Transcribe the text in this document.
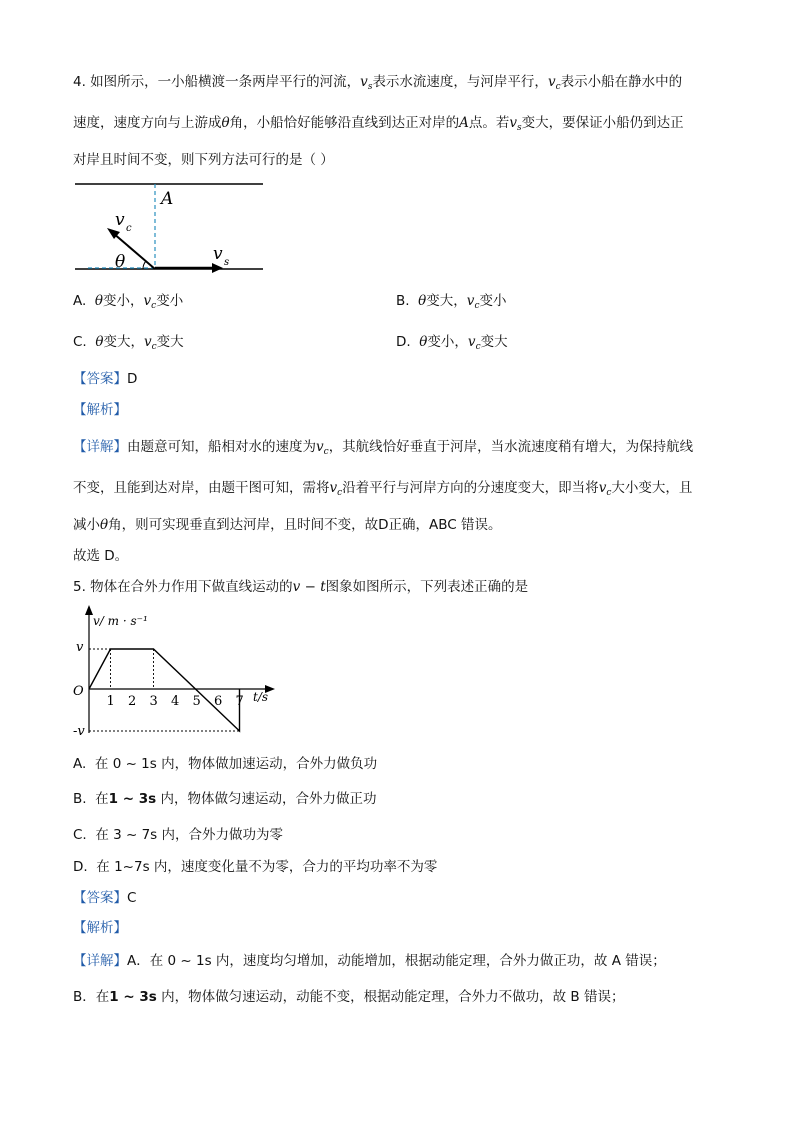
4. 如图所示，一小船横渡一条两岸平行的河流，$v_s$表示水流速度，与河岸平行，$v_c$表示小船在静水中的
速度，速度方向与上游成θ角，小船恰好能够沿直线到达正对岸的A点。若$v_s$变大，要保证小船仍到达正
对岸且时间不变，则下列方法可行的是（ ）
A
v c
θ	v s
A. θ变小，$v_c$变小	B. θ变大，$v_c$变小
C. θ变大，$v_c$变大	D. θ变小，$v_c$变大
【答案】D
【解析】
【详解】由题意可知，船相对水的速度为$v_c$，其航线恰好垂直于河岸，当水流速度稍有增大，为保持航线
不变，且能到达对岸，由题干图可知，需将$v_c$沿着平行与河岸方向的分速度变大，即当将$v_c$大小变大，且
减小θ角，则可实现垂直到达河岸，且时间不变，故D正确，ABC 错误。
故选 D。
5. 物体在合外力作用下做直线运动的v − t图象如图所示，下列表述正确的是
v/ m · s⁻¹
t/s
O
v
-v
1 2 3 4 5 6 7
A. 在 0 ~ 1s 内，物体做加速运动，合外力做负功
B. 在1 ~ 3s 内，物体做匀速运动，合外力做正功
C. 在 3 ~ 7s 内，合外力做功为零
D. 在 1~7s 内，速度变化量不为零，合力的平均功率不为零
【答案】C
【解析】
【详解】A．在 0 ~ 1s 内，速度均匀增加，动能增加，根据动能定理，合外力做正功，故 A 错误；
B．在1 ~ 3s 内，物体做匀速运动，动能不变，根据动能定理，合外力不做功，故 B 错误；
